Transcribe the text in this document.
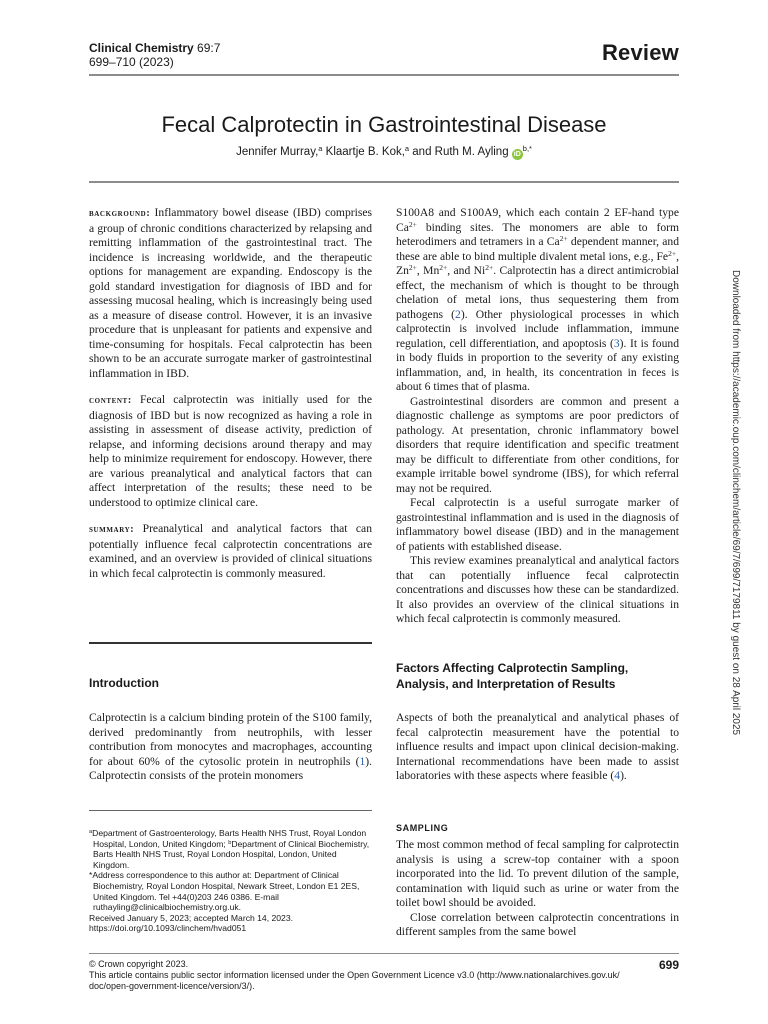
Clinical Chemistry 69:7
699–710 (2023)	Review
Fecal Calprotectin in Gastrointestinal Disease
Jennifer Murray,$^a$ Klaartje B. Kok,$^a$ and Ruth M. Ayling $iD^{b,*}$

background: Inflammatory bowel disease (IBD) comprises a group of chronic conditions characterized by relapsing and remitting inflammation of the gastrointestinal tract. The incidence is increasing worldwide, and the therapeutic options for management are expanding. Endoscopy is the gold standard investigation for diagnosis of IBD and for assessing mucosal healing, which is increasingly being used as a measure of disease control. However, it is an invasive procedure that is unpleasant for patients and expensive and time-consuming for hospitals. Fecal calprotectin has been shown to be an accurate surrogate marker of gastrointestinal inflammation in IBD.

content: Fecal calprotectin was initially used for the diagnosis of IBD but is now recognized as having a role in assisting in assessment of disease activity, prediction of relapse, and informing decisions around therapy and may help to minimize requirement for endoscopy. However, there are various preanalytical and analytical factors that can affect interpretation of the results; these need to be understood to optimize clinical care.

summary: Preanalytical and analytical factors that can potentially influence fecal calprotectin concentrations are examined, and an overview is provided of clinical situations in which fecal calprotectin is commonly measured.

Introduction

Calprotectin is a calcium binding protein of the S100 family, derived predominantly from neutrophils, with lesser contribution from monocytes and macrophages, accounting for about 60% of the cytosolic protein in neutrophils (1). Calprotectin consists of the protein monomers

$^a$Department of Gastroenterology, Barts Health NHS Trust, Royal London Hospital, London, United Kingdom; $^b$Department of Clinical Biochemistry, Barts Health NHS Trust, Royal London Hospital, London, United Kingdom.
*Address correspondence to this author at: Department of Clinical Biochemistry, Royal London Hospital, Newark Street, London E1 2ES, United Kingdom. Tel +44(0)203 246 0386. E-mail ruthayling@clinicalbiochemistry.org.uk.
Received January 5, 2023; accepted March 14, 2023.
https://doi.org/10.1093/clinchem/hvad051

S100A8 and S100A9, which each contain 2 EF-hand type $Ca^{2+}$ binding sites. The monomers are able to form heterodimers and tetramers in a $Ca^{2+}$ dependent manner, and these are able to bind multiple divalent metal ions, e.g., $Fe^{2+}$, $Zn^{2+}$, $Mn^{2+}$, and $Ni^{2+}$. Calprotectin has a direct antimicrobial effect, the mechanism of which is thought to be through chelation of metal ions, thus sequestering them from pathogens (2). Other physiological processes in which calprotectin is involved include inflammation, immune regulation, cell differentiation, and apoptosis (3). It is found in body fluids in proportion to the severity of any existing inflammation, and, in health, its concentration in feces is about 6 times that of plasma.

Gastrointestinal disorders are common and present a diagnostic challenge as symptoms are poor predictors of pathology. At presentation, chronic inflammatory bowel disorders that require identification and specific treatment may be difficult to differentiate from other conditions, for example irritable bowel syndrome (IBS), for which referral may not be required.

Fecal calprotectin is a useful surrogate marker of gastrointestinal inflammation and is used in the diagnosis of inflammatory bowel disease (IBD) and in the management of patients with established disease.

This review examines preanalytical and analytical factors that can potentially influence fecal calprotectin concentrations and discusses how these can be standardized. It also provides an overview of the clinical situations in which fecal calprotectin is commonly measured.

Factors Affecting Calprotectin Sampling, Analysis, and Interpretation of Results

Aspects of both the preanalytical and analytical phases of fecal calprotectin measurement have the potential to influence results and impact upon clinical decision-making. International recommendations have been made to assist laboratories with these aspects where feasible (4).

SAMPLING

The most common method of fecal sampling for calprotectin analysis is using a screw-top container with a spoon incorporated into the lid. To prevent dilution of the sample, contamination with liquid such as urine or water from the toilet bowl should be avoided.

Close correlation between calprotectin concentrations in different samples from the same bowel

© Crown copyright 2023.
This article contains public sector information licensed under the Open Government Licence v3.0 (http://www.nationalarchives.gov.uk/
doc/open-government-licence/version/3/).
699
Downloaded from https://academic.oup.com/clinchem/article/69/7/699/7179811 by guest on 28 April 2025
